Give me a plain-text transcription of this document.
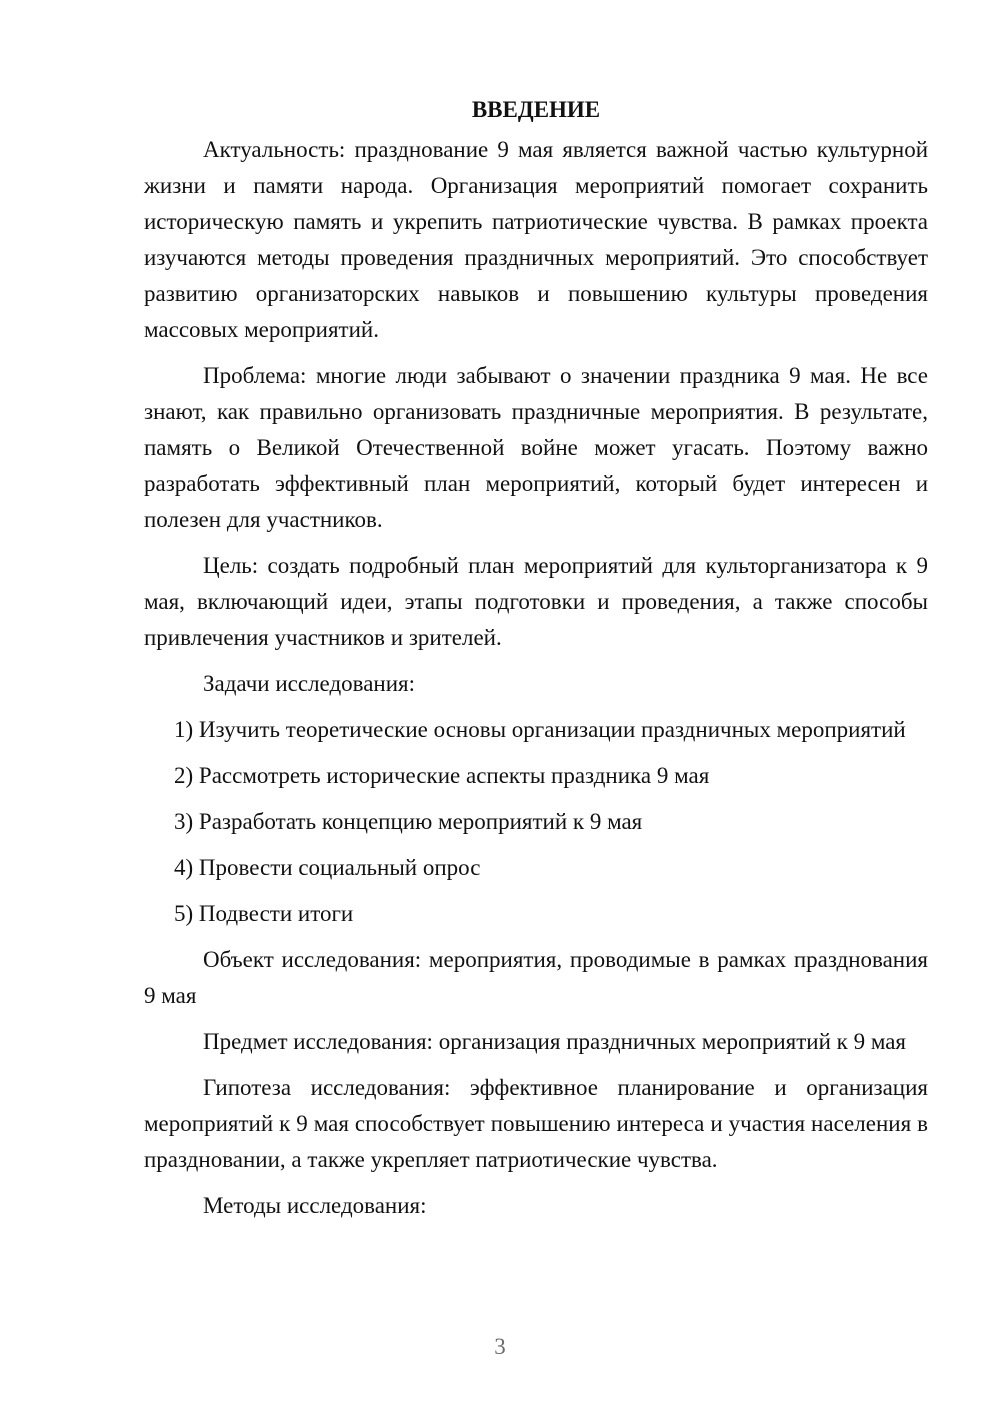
ВВЕДЕНИЕ

Актуальность: празднование 9 мая является важной частью культурной жизни и памяти народа. Организация мероприятий помогает сохранить историческую память и укрепить патриотические чувства. В рамках проекта изучаются методы проведения праздничных мероприятий. Это способствует развитию организаторских навыков и повышению культуры проведения массовых мероприятий.

Проблема: многие люди забывают о значении праздника 9 мая. Не все знают, как правильно организовать праздничные мероприятия. В результате, память о Великой Отечественной войне может угасать. Поэтому важно разработать эффективный план мероприятий, который будет интересен и полезен для участников.

Цель: создать подробный план мероприятий для культорганизатора к 9 мая, включающий идеи, этапы подготовки и проведения, а также способы привлечения участников и зрителей.

Задачи исследования:

1) Изучить теоретические основы организации праздничных мероприятий

2) Рассмотреть исторические аспекты праздника 9 мая

3) Разработать концепцию мероприятий к 9 мая

4) Провести социальный опрос

5) Подвести итоги

Объект исследования: мероприятия, проводимые в рамках празднования 9 мая

Предмет исследования: организация праздничных мероприятий к 9 мая

Гипотеза исследования: эффективное планирование и организация мероприятий к 9 мая способствует повышению интереса и участия населения в праздновании, а также укрепляет патриотические чувства.

Методы исследования:

3
